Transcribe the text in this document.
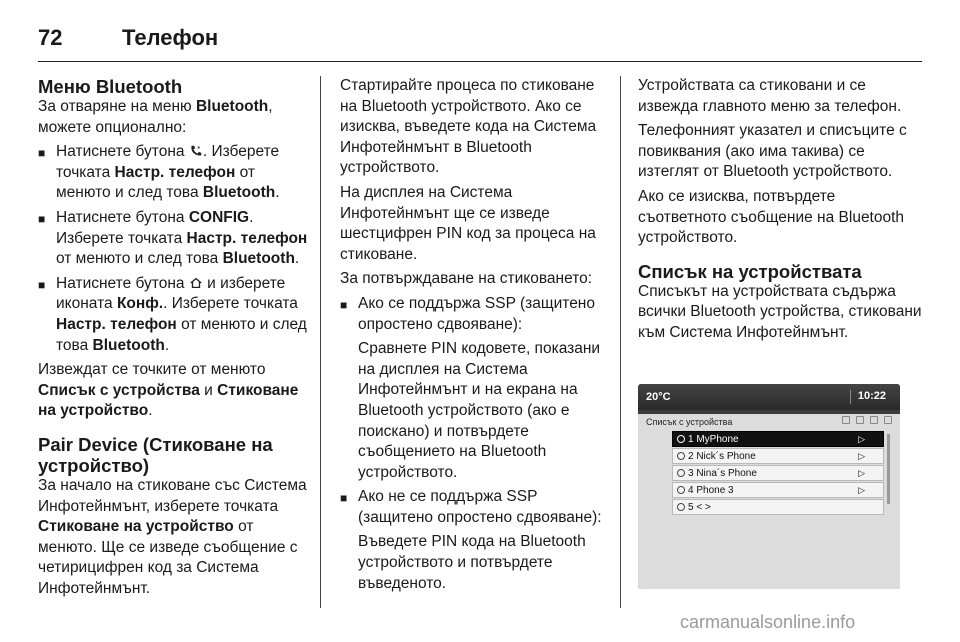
72	Телефон
Меню Bluetooth

За отваряне на меню Bluetooth, можете опционално:

■ Натиснете бутона . Изберете точката Настр. телефон от менюто и след това Bluetooth.
■ Натиснете бутона CONFIG. Изберете точката Настр. телефон от менюто и след това Bluetooth.
■ Натиснете бутона  и изберете иконата Конф.. Изберете точката Настр. телефон от менюто и след това Bluetooth.

Извеждат се точките от менюто Списък с устройства и Стиковане на устройство.

Pair Device (Стиковане на устройство)

За начало на стиковане със Система Инфотейнмънт, изберете точката Стиковане на устройство от менюто. Ще се изведе съобщение с четирицифрен код за Система Инфотейнмънт.

Стартирайте процеса по стиковане на Bluetooth устройството. Ако се изисква, въведете кода на Система Инфотейнмънт в Bluetooth устройството.

На дисплея на Система Инфотейнмънт ще се изведе шестцифрен PIN код за процеса на стиковане.

За потвърждаване на стиковането:

■ Ако се поддържа SSP (защитено опростено сдвояване):
Сравнете PIN кодовете, показани на дисплея на Система Инфотейнмънт и на екрана на Bluetooth устройството (ако е поискано) и потвърдете съобщението на Bluetooth устройството.
■ Ако не се поддържа SSP (защитено опростено сдвояване):
Въведете PIN кода на Bluetooth устройството и потвърдете въведеното.

Устройствата са стиковани и се извежда главното меню за телефон.

Телефонният указател и списъците с повиквания (ако има такива) се изтеглят от Bluetooth устройството.

Ако се изисква, потвърдете съответното съобщение на Bluetooth устройството.

Списък на устройствата

Списъкът на устройствата съдържа всички Bluetooth устройства, стиковани към Система Инфотейнмънт.

20°C	10:22
Списък с устройства
1 MyPhone	▷
2 Nick´s Phone	▷
3 Nina´s Phone	▷
4 Phone 3	▷
5 < >
carmanualsonline.info
